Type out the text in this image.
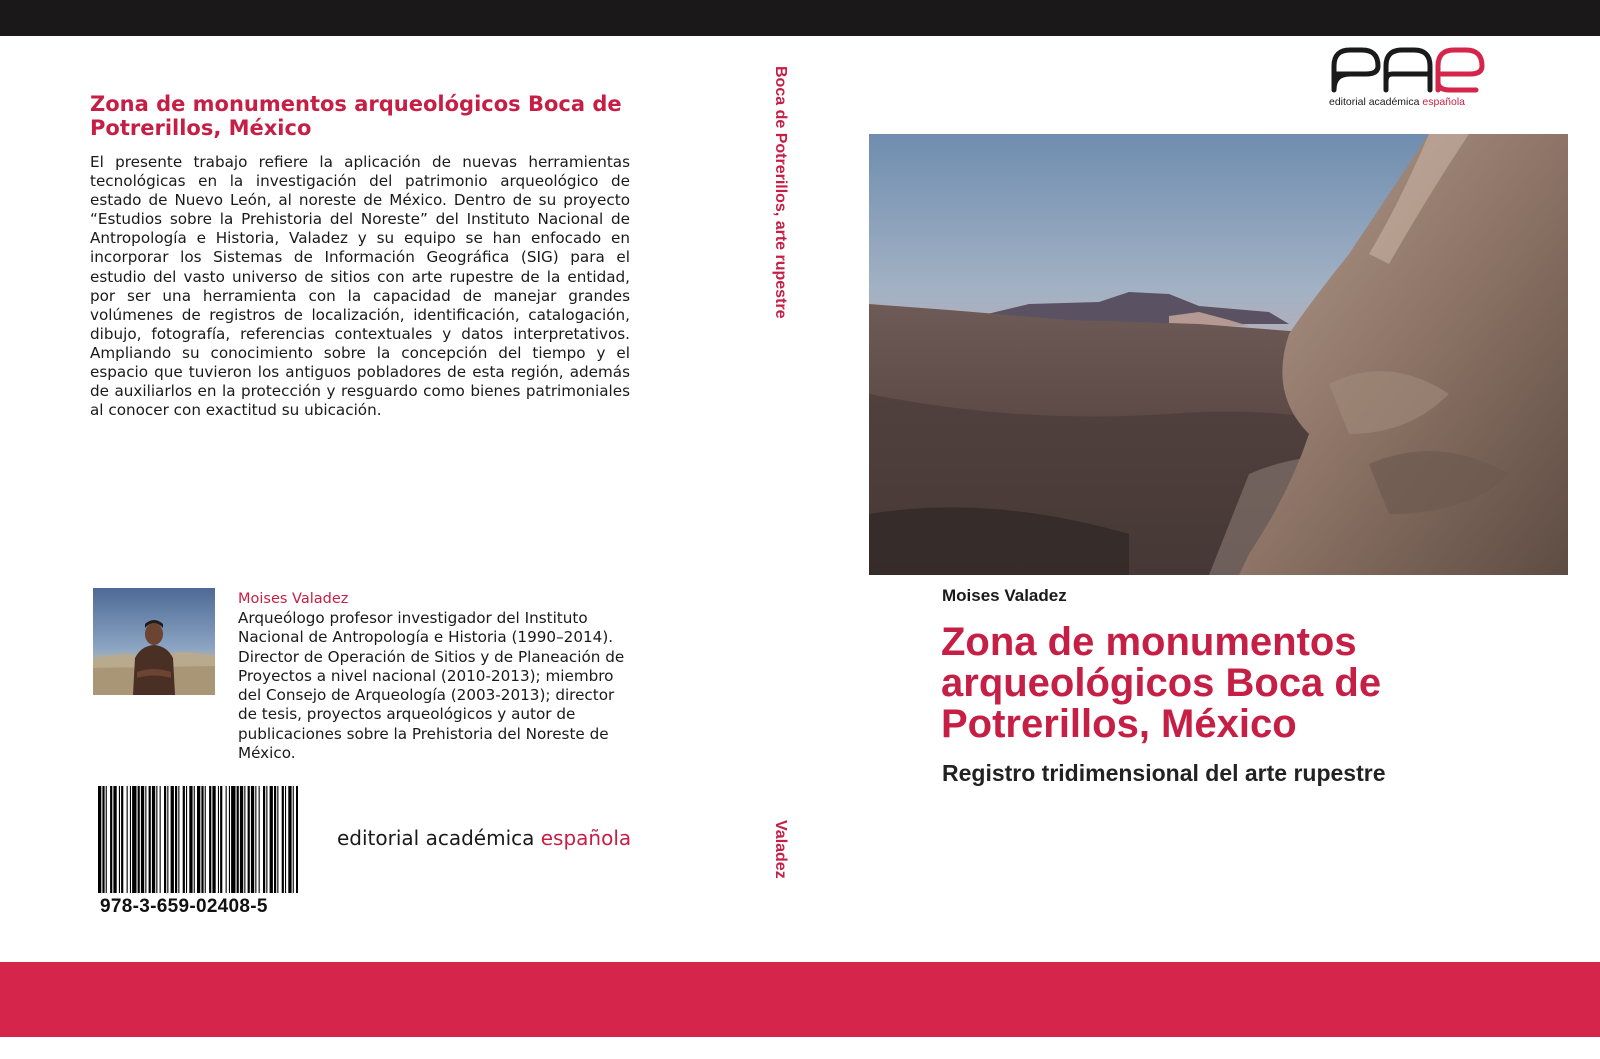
Zona de monumentos arqueológicos Boca de Potrerillos, México

El presente trabajo refiere la aplicación de nuevas herramientas tecnológicas en la investigación del patrimonio arqueológico de estado de Nuevo León, al noreste de México. Dentro de su proyecto “Estudios sobre la Prehistoria del Noreste” del Instituto Nacional de Antropología e Historia, Valadez y su equipo se han enfocado en incorporar los Sistemas de Información Geográfica (SIG) para el estudio del vasto universo de sitios con arte rupestre de la entidad, por ser una herramienta con la capacidad de manejar grandes volúmenes de registros de localización, identificación, catalogación, dibujo, fotografía, referencias contextuales y datos interpretativos. Ampliando su conocimiento sobre la concepción del tiempo y el espacio que tuvieron los antiguos pobladores de esta región, además de auxiliarlos en la protección y resguardo como bienes patrimoniales al conocer con exactitud su ubicación.

Moises Valadez

Arqueólogo profesor investigador del Instituto Nacional de Antropología e Historia (1990–2014). Director de Operación de Sitios y de Planeación de Proyectos a nivel nacional (2010-2013); miembro del Consejo de Arqueología (2003-2013); director de tesis, proyectos arqueológicos y autor de publicaciones sobre la Prehistoria del Noreste de México.

978-3-659-02408-5
editorial académica española
Boca de Potrerillos, arte rupestre
Valadez
editorial académica española
Moises Valadez
Zona de monumentos arqueológicos Boca de Potrerillos, México
Registro tridimensional del arte rupestre
